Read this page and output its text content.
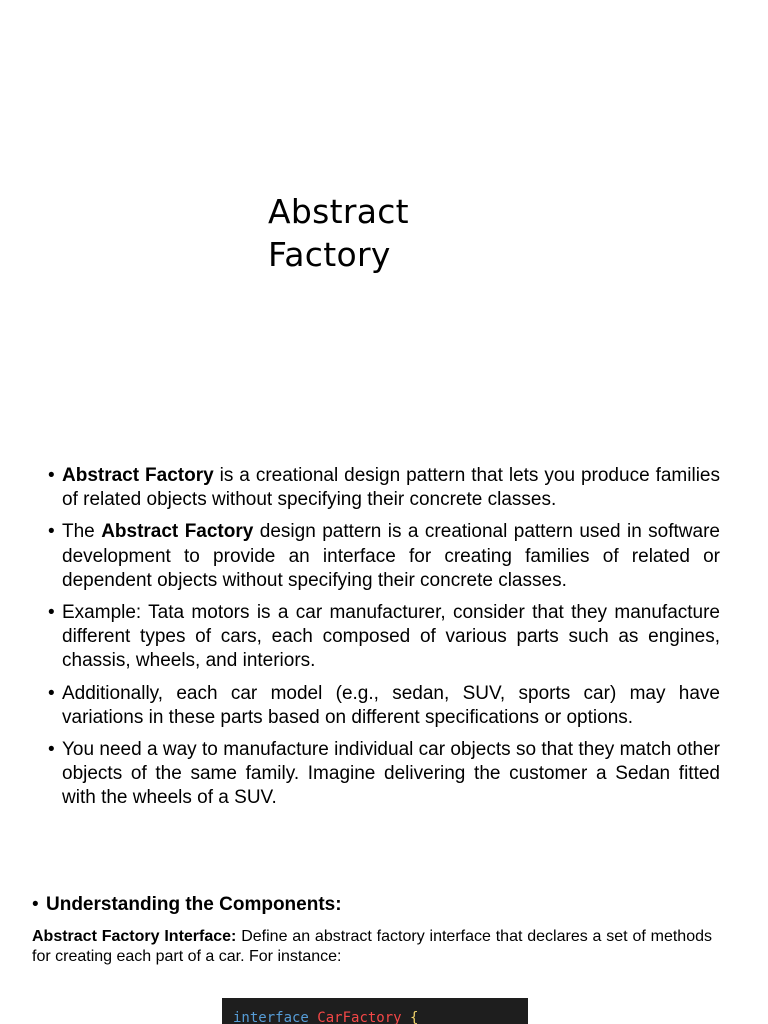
Abstract
Factory
• Abstract Factory is a creational design pattern that lets you produce families of related objects without specifying their concrete classes.
• The Abstract Factory design pattern is a creational pattern used in software development to provide an interface for creating families of related or dependent objects without specifying their concrete classes.
• Example: Tata motors is a car manufacturer, consider that they manufacture different types of cars, each composed of various parts such as engines, chassis, wheels, and interiors.
• Additionally, each car model (e.g., sedan, SUV, sports car) may have variations in these parts based on different specifications or options.
• You need a way to manufacture individual car objects so that they match other objects of the same family. Imagine delivering the customer a Sedan fitted with the wheels of a SUV.
• Understanding the Components:

Abstract Factory Interface: Define an abstract factory interface that declares a set of methods for creating each part of a car. For instance:

interface CarFactory {
